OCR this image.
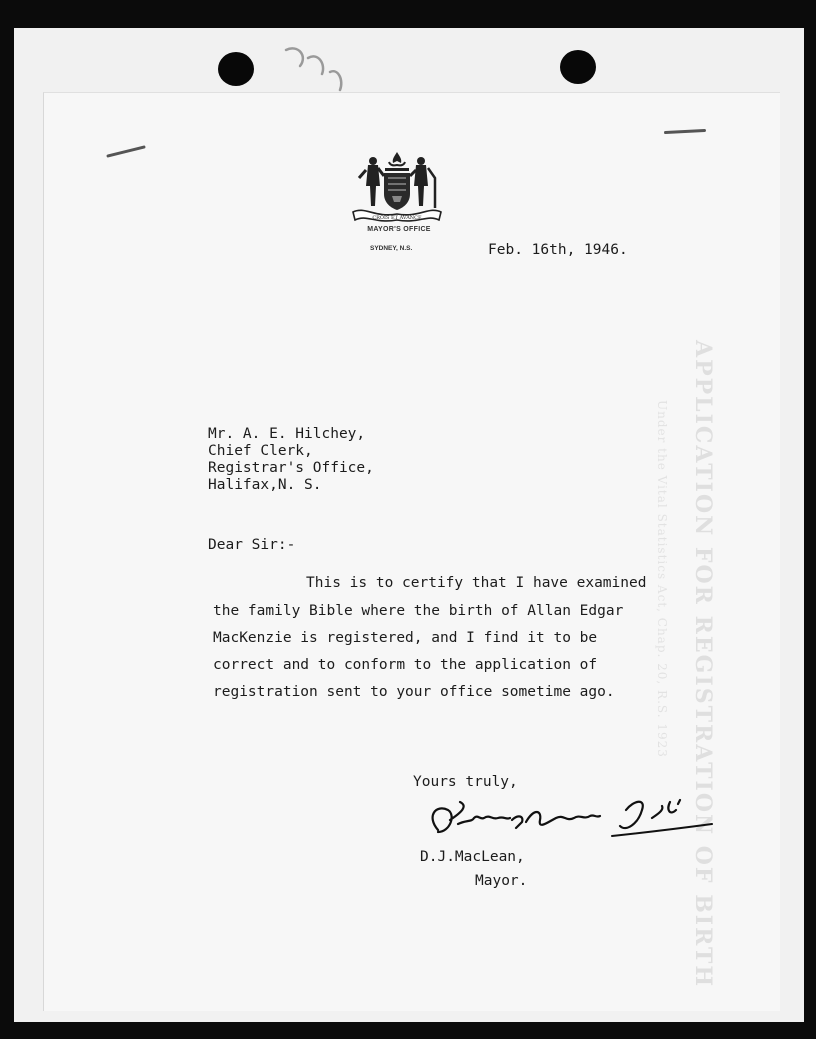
APPLICATION FOR REGISTRATION OF BIRTH
Under the Vital Statistics Act, Chap. 20, R.S. 1923
CROIS ET AVANCE
MAYOR'S OFFICE
SYDNEY, N.S.	Feb. 16th, 1946.
Mr. A. E. Hilchey,
Chief Clerk,
Registrar's Office,
Halifax,N. S.
Dear Sir:-
This is to certify that I have examined
the family Bible where the birth of Allan Edgar
MacKenzie is registered, and I find it to be
correct and to conform to the application of
registration sent to your office sometime ago.
Yours truly,
D.J.MacLean,
Mayor.
